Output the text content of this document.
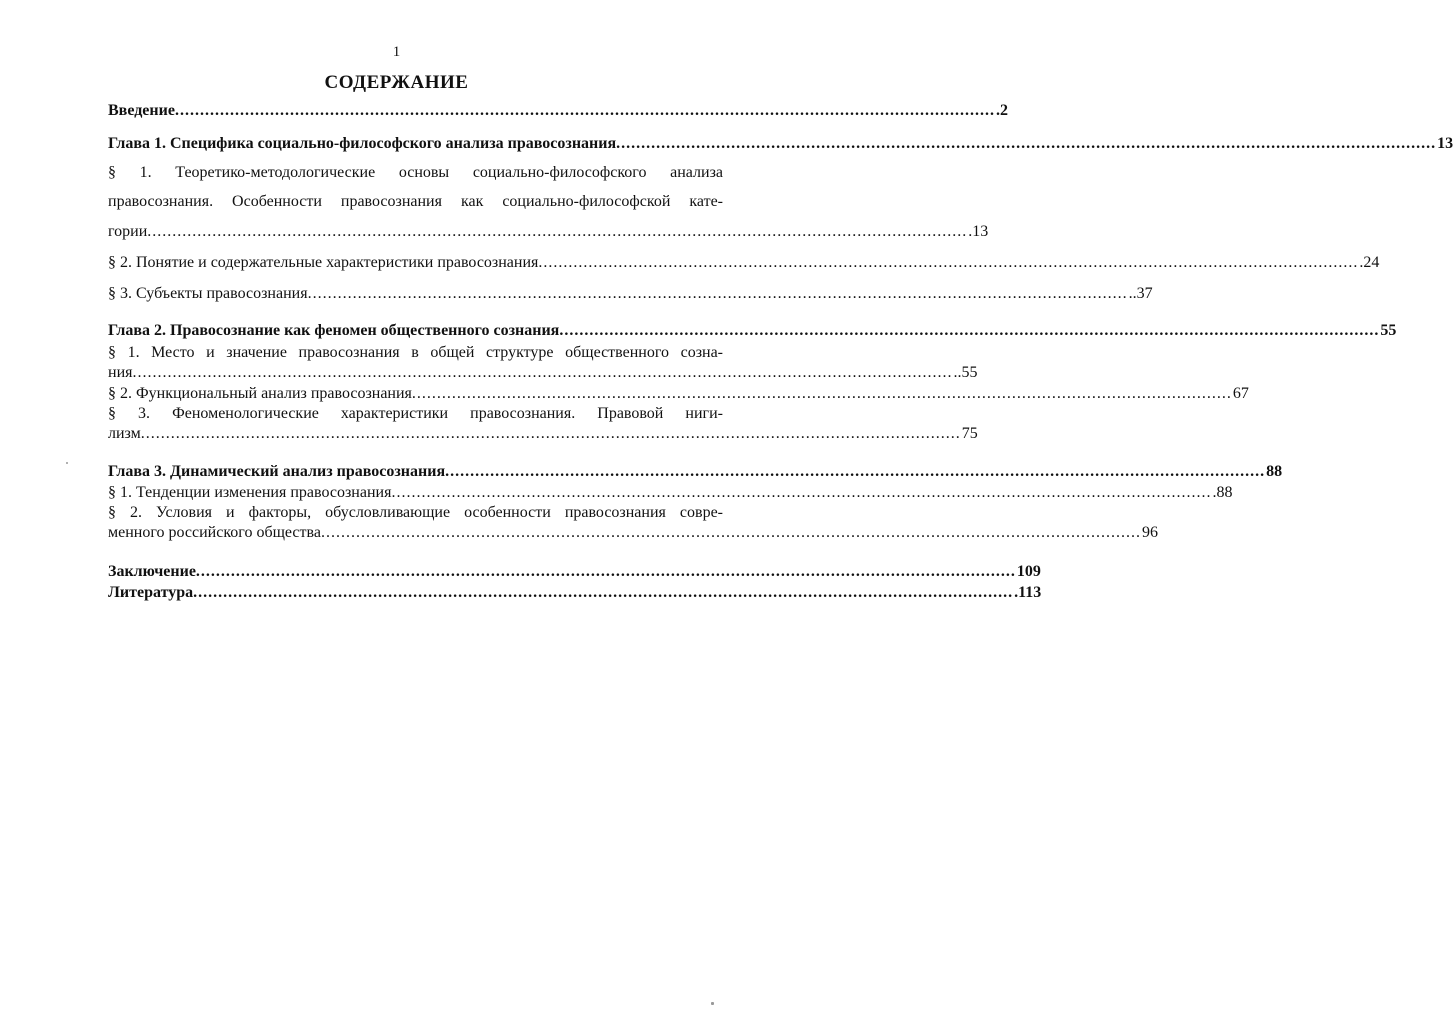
1
СОДЕРЖАНИЕ
Введение .................................................................................................................................................................... .2
Глава 1. Специфика социально-философского анализа правосознания .................................................................................................................................................................... 13
§ 1. Теоретико-методологические основы социально-философского анализа
правосознания. Особенности правосознания как социально-философской кате-
гории .................................................................................................................................................................... .13
§ 2. Понятие и содержательные характеристики правосознания .................................................................................................................................................................... .24
§ 3. Субъекты правосознания .................................................................................................................................................................... ..37
Глава 2. Правосознание как феномен общественного сознания .................................................................................................................................................................... 55
§ 1. Место и значение правосознания в общей структуре общественного созна-
ния .................................................................................................................................................................... ..55
§ 2. Функциональный анализ правосознания .................................................................................................................................................................... 67
§ 3. Феноменологические характеристики правосознания. Правовой ниги-
лизм .................................................................................................................................................................... 75
Глава 3. Динамический анализ правосознания .................................................................................................................................................................... 88
§ 1. Тенденции изменения правосознания .................................................................................................................................................................... .88
§ 2. Условия и факторы, обусловливающие особенности правосознания совре-
менного российского общества .................................................................................................................................................................... 96
Заключение .................................................................................................................................................................... 109
Литература .................................................................................................................................................................... .113
